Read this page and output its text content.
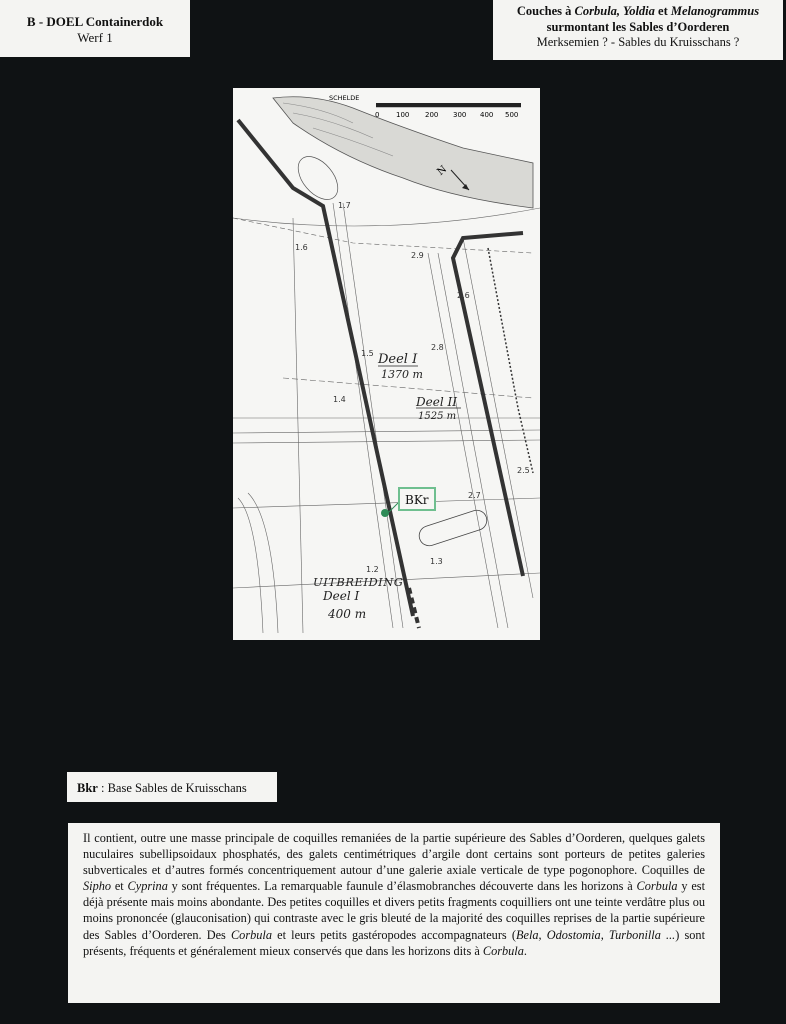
B - DOEL Containerdok
Werf 1
Couches à Corbula, Yoldia et Melanogrammus
surmontant les Sables d’Oorderen
Merksemien ? - Sables du Kruisschans ?
SCHELDE
0 100 200 300 400 500
N
1.7
1.6
1.5
1.4
1.2
2.9
2.8
2.7
2.6
2.5
1.3
Deel I
1370 m
Deel II
1525 m
UITBREIDING
Deel I
400 m
BKr
Bkr : Base Sables de Kruisschans
Il contient, outre une masse principale de coquilles remaniées de la partie supérieure des Sables d’Oorderen, quelques galets nuculaires subellipsoidaux phosphatés, des galets centimétriques d’argile dont certains sont porteurs de petites galeries subverticales et d’autres formés concentriquement autour d’une galerie axiale verticale de type pogonophore. Coquilles de Sipho et Cyprina y sont fréquentes. La remarquable faunule d’élasmobranches découverte dans les horizons à Corbula y est déjà présente mais moins abondante. Des petites coquilles et divers petits fragments coquilliers ont une teinte verdâtre plus ou moins prononcée (glauconisation) qui contraste avec le gris bleuté de la majorité des coquilles reprises de la partie supérieure des Sables d’Oorderen. Des Corbula et leurs petits gastéropodes accompagnateurs (Bela, Odostomia, Turbonilla ...) sont présents, fréquents et généralement mieux conservés que dans les horizons dits à Corbula.
